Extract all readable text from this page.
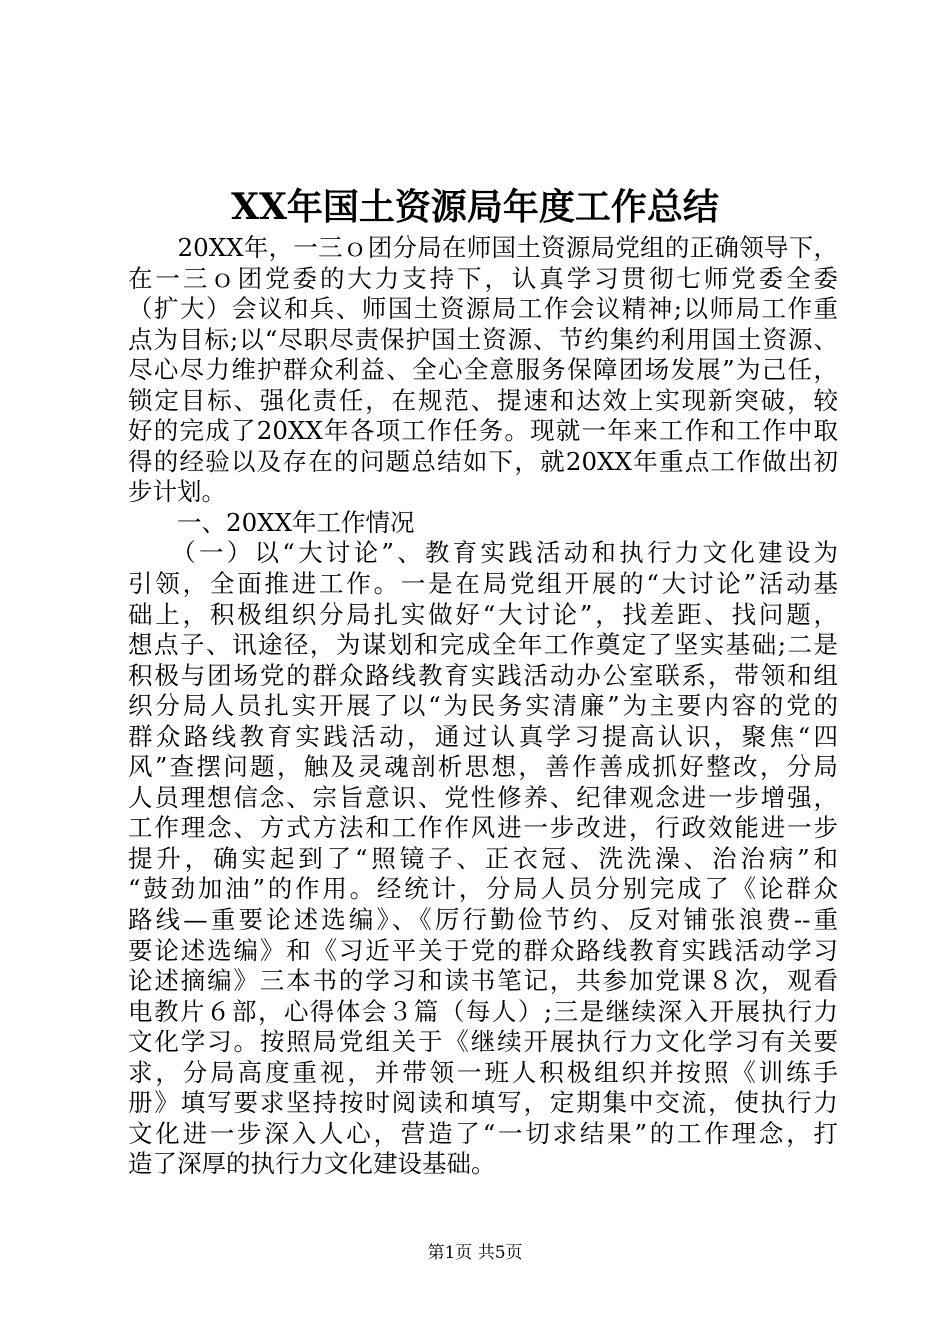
XX年国土资源局年度工作总结
　　20XX年，一三ｏ团分局在师国土资源局党组的正确领导下，
在一三ｏ团党委的大力支持下，认真学习贯彻七师党委全委
（扩大）会议和兵、师国土资源局工作会议精神;以师局工作重
点为目标;以“尽职尽责保护国土资源、节约集约利用国土资源、
尽心尽力维护群众利益、全心全意服务保障团场发展”为己任，
锁定目标、强化责任，在规范、提速和达效上实现新突破，较
好的完成了20XX年各项工作任务。现就一年来工作和工作中取
得的经验以及存在的问题总结如下，就20XX年重点工作做出初
步计划。
　　一、20XX年工作情况
　　（一）以“大讨论”、教育实践活动和执行力文化建设为
引领，全面推进工作。一是在局党组开展的“大讨论”活动基
础上，积极组织分局扎实做好“大讨论”，找差距、找问题，
想点子、讯途径，为谋划和完成全年工作奠定了坚实基础;二是
积极与团场党的群众路线教育实践活动办公室联系，带领和组
织分局人员扎实开展了以“为民务实清廉”为主要内容的党的
群众路线教育实践活动，通过认真学习提高认识，聚焦“四
风”查摆问题，触及灵魂剖析思想，善作善成抓好整改，分局
人员理想信念、宗旨意识、党性修养、纪律观念进一步增强，
工作理念、方式方法和工作作风进一步改进，行政效能进一步
提升，确实起到了“照镜子、正衣冠、洗洗澡、治治病”和
“鼓劲加油”的作用。经统计，分局人员分别完成了《论群众
路线—重要论述选编》、《厉行勤俭节约、反对铺张浪费--重
要论述选编》和《习近平关于党的群众路线教育实践活动学习
论述摘编》三本书的学习和读书笔记，共参加党课８次，观看
电教片６部，心得体会３篇（每人）;三是继续深入开展执行力
文化学习。按照局党组关于《继续开展执行力文化学习有关要
求，分局高度重视，并带领一班人积极组织并按照《训练手
册》填写要求坚持按时阅读和填写，定期集中交流，使执行力
文化进一步深入人心，营造了“一切求结果”的工作理念，打
造了深厚的执行力文化建设基础。
第1页 共5页
